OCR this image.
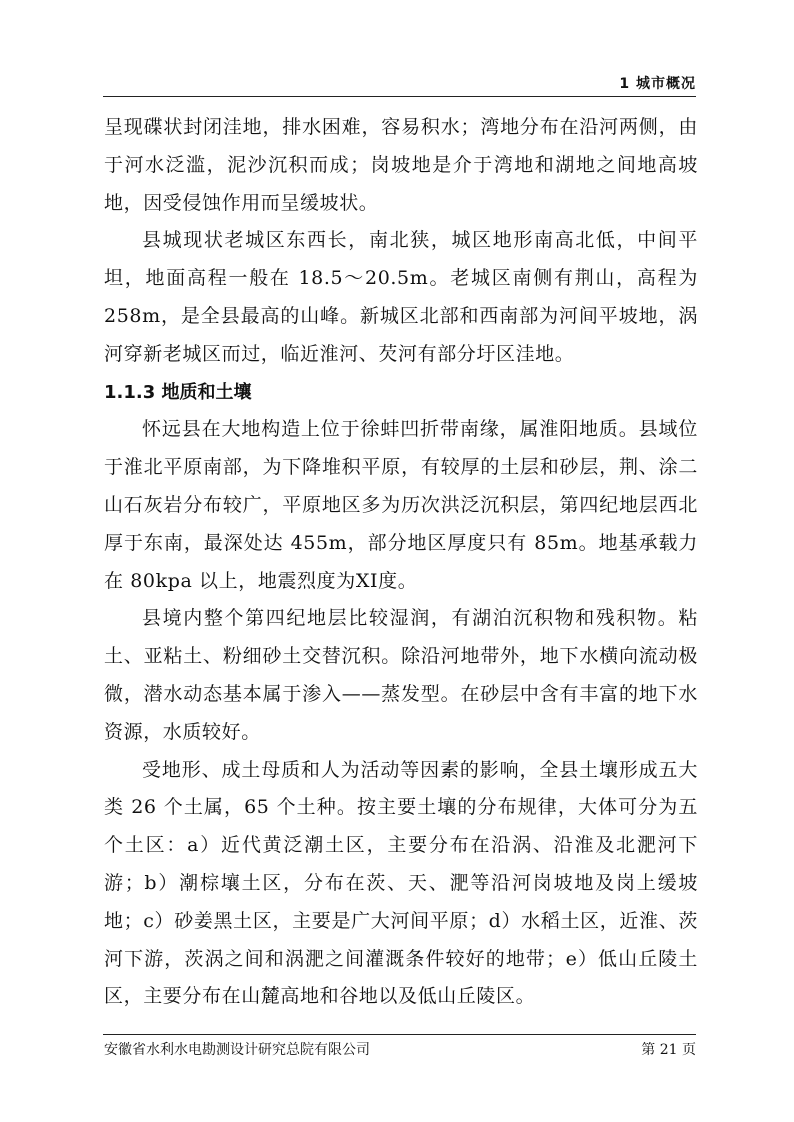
1 城市概况

呈现碟状封闭洼地，排水困难，容易积水；湾地分布在沿河两侧，由于河水泛滥，泥沙沉积而成；岗坡地是介于湾地和湖地之间地高坡地，因受侵蚀作用而呈缓坡状。

县城现状老城区东西长，南北狭，城区地形南高北低，中间平坦，地面高程一般在 18.5～20.5m。老城区南侧有荆山，高程为 258m，是全县最高的山峰。新城区北部和西南部为河间平坡地，涡河穿新老城区而过，临近淮河、芡河有部分圩区洼地。

1.1.3 地质和土壤

怀远县在大地构造上位于徐蚌凹折带南缘，属淮阳地质。县域位于淮北平原南部，为下降堆积平原，有较厚的土层和砂层，荆、涂二山石灰岩分布较广，平原地区多为历次洪泛沉积层，第四纪地层西北厚于东南，最深处达 455m，部分地区厚度只有 85m。地基承载力在 80kpa 以上，地震烈度为XI度。

县境内整个第四纪地层比较湿润，有湖泊沉积物和残积物。粘土、亚粘土、粉细砂土交替沉积。除沿河地带外，地下水横向流动极微，潜水动态基本属于渗入——蒸发型。在砂层中含有丰富的地下水资源，水质较好。

受地形、成土母质和人为活动等因素的影响，全县土壤形成五大类 26 个土属，65 个土种。按主要土壤的分布规律，大体可分为五个土区：a）近代黄泛潮土区，主要分布在沿涡、沿淮及北淝河下游；b）潮棕壤土区，分布在茨、天、淝等沿河岗坡地及岗上缓坡地；c）砂姜黑土区，主要是广大河间平原；d）水稻土区，近淮、茨河下游，茨涡之间和涡淝之间灌溉条件较好的地带；e）低山丘陵土区，主要分布在山麓高地和谷地以及低山丘陵区。

安徽省水利水电勘测设计研究总院有限公司	第 21 页
